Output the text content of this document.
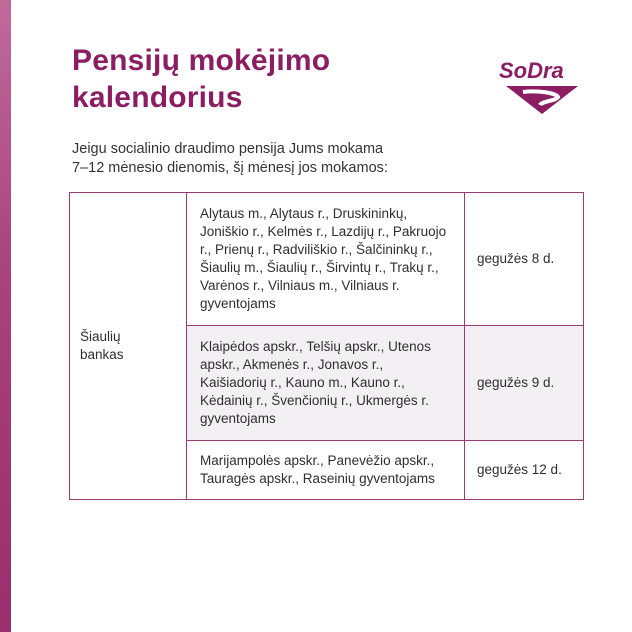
Pensijų mokėjimo
kalendorius
SoDra
Jeigu socialinio draudimo pensija Jums mokama
7–12 mėnesio dienomis, šį mėnesį jos mokamos:
Šiaulių
bankas	Alytaus m., Alytaus r., Druskininkų, Joniškio r., Kelmės r., Lazdijų r., Pakruojo r., Prienų r., Radviliškio r., Šalčininkų r., Šiaulių m., Šiaulių r., Širvintų r., Trakų r., Varėnos r., Vilniaus m., Vilniaus r. gyventojams	gegužės 8 d.
	Klaipėdos apskr., Telšių apskr., Utenos apskr., Akmenės r., Jonavos r., Kaišiadorių r., Kauno m., Kauno r., Kėdainių r., Švenčionių r., Ukmergės r. gyventojams	gegužės 9 d.
	Marijampolės apskr., Panevėžio apskr., Tauragės apskr., Raseinių gyventojams	gegužės 12 d.
